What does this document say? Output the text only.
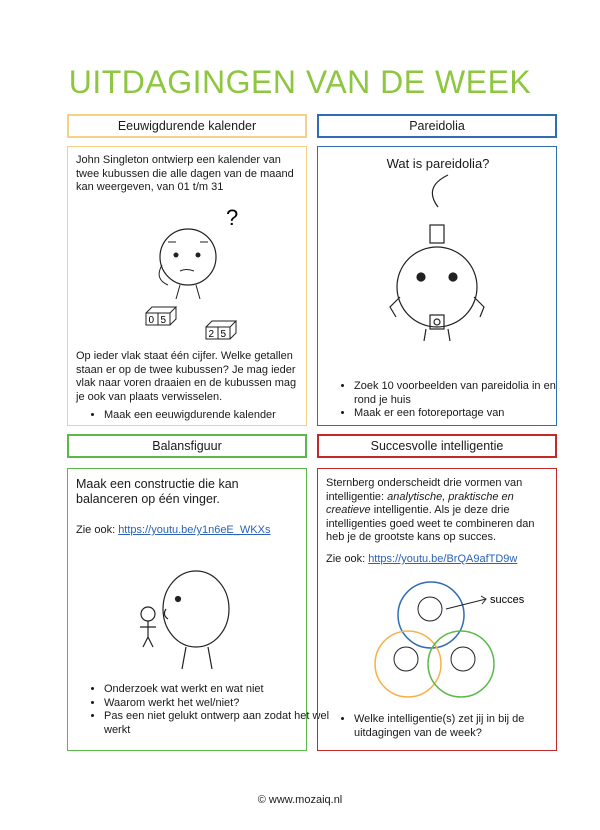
UITDAGINGEN VAN DE WEEK
Eeuwigdurende kalender
John Singleton ontwierp een kalender van twee kubussen die alle dagen van de maand kan weergeven, van 01 t/m 31
?
0 5
2 5
Op ieder vlak staat één cijfer. Welke getallen staan er op de twee kubussen? Je mag ieder vlak naar voren draaien en de kubussen mag je ook van plaats verwisselen.
• Maak een eeuwigdurende kalender
Pareidolia
Wat is pareidolia?
• Zoek 10 voorbeelden van pareidolia in en rond je huis
• Maak er een fotoreportage van
Balansfiguur
Maak een constructie die kan balanceren op één vinger.
Zie ook: https://youtu.be/y1n6eE_WKXs
• Onderzoek wat werkt en wat niet
• Waarom werkt het wel/niet?
• Pas een niet gelukt ontwerp aan zodat het wel werkt
Succesvolle intelligentie
Sternberg onderscheidt drie vormen van intelligentie: analytische, praktische en creatieve intelligentie. Als je deze drie intelligenties goed weet te combineren dan heb je de grootste kans op succes.
Zie ook: https://youtu.be/BrQA9afTD9w
succes
• Welke intelligentie(s) zet jij in bij de uitdagingen van de week?
© www.mozaiq.nl
